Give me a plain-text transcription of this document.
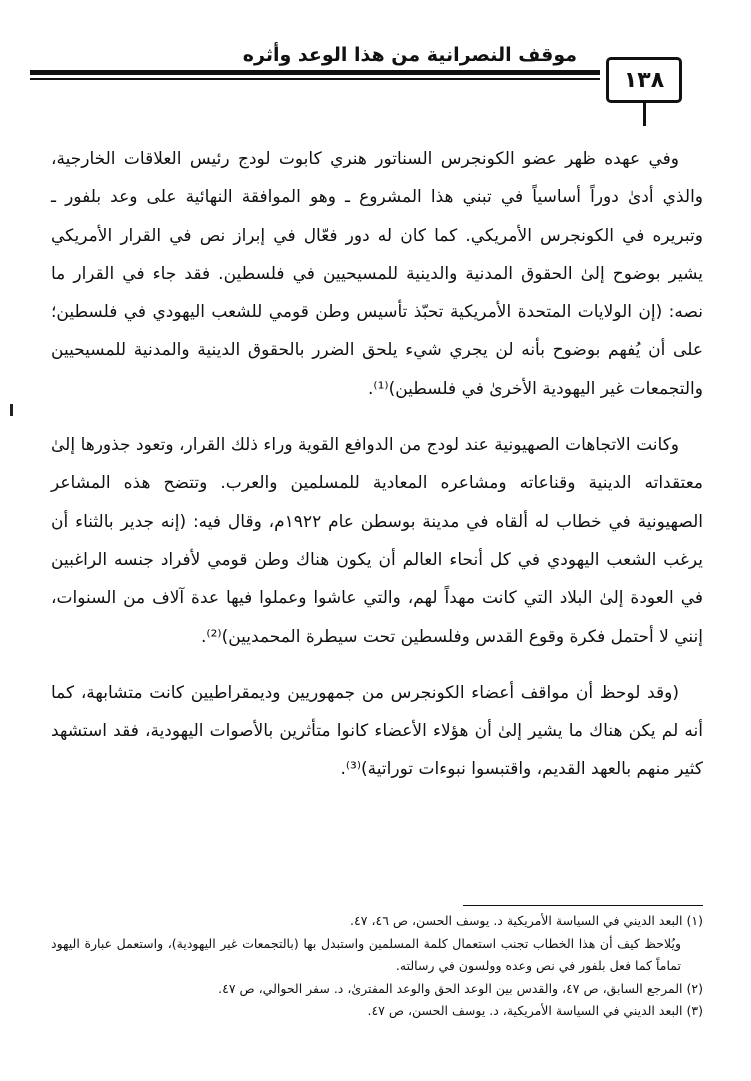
موقف النصرانية من هذا الوعد وأثره
١٣٨

وفي عهده ظهر عضو الكونجرس السناتور هنري كابوت لودج رئيس العلاقات الخارجية، والذي أدىٰ دوراً أساسياً في تبني هذا المشروع ـ وهو الموافقة النهائية على وعد بلفور ـ وتبريره في الكونجرس الأمريكي. كما كان له دور فعّال في إبراز نص في القرار الأمريكي يشير بوضوح إلىٰ الحقوق المدنية والدينية للمسيحيين في فلسطين. فقد جاء في القرار ما نصه: (إن الولايات المتحدة الأمريكية تحبّذ تأسيس وطن قومي للشعب اليهودي في فلسطين؛ على أن يُفهم بوضوح بأنه لن يجري شيء يلحق الضرر بالحقوق الدينية والمدنية للمسيحيين والتجمعات غير اليهودية الأخرىٰ في فلسطين)⁽¹⁾.

وكانت الاتجاهات الصهيونية عند لودج من الدوافع القوية وراء ذلك القرار، وتعود جذورها إلىٰ معتقداته الدينية وقناعاته ومشاعره المعادية للمسلمين والعرب. وتتضح هذه المشاعر الصهيونية في خطاب له ألقاه في مدينة بوسطن عام ١٩٢٢م، وقال فيه: (إنه جدير بالثناء أن يرغب الشعب اليهودي في كل أنحاء العالم أن يكون هناك وطن قومي لأفراد جنسه الراغبين في العودة إلىٰ البلاد التي كانت مهداً لهم، والتي عاشوا وعملوا فيها عدة آلاف من السنوات، إنني لا أحتمل فكرة وقوع القدس وفلسطين تحت سيطرة المحمديين)⁽²⁾.

(وقد لوحظ أن مواقف أعضاء الكونجرس من جمهوريين وديمقراطيين كانت متشابهة، كما أنه لم يكن هناك ما يشير إلىٰ أن هؤلاء الأعضاء كانوا متأثرين بالأصوات اليهودية، فقد استشهد كثير منهم بالعهد القديم، واقتبسوا نبوءات توراتية)⁽³⁾.

(١) البعد الديني في السياسة الأمريكية د. يوسف الحسن، ص ٤٦، ٤٧.

ويُلاحظ كيف أن هذا الخطاب تجنب استعمال كلمة المسلمين واستبدل بها (بالتجمعات غير اليهودية)، واستعمل عبارة اليهود تماماً كما فعل بلفور في نص وعده وولسون في رسالته.

(٢) المرجع السابق، ص ٤٧، والقدس بين الوعد الحق والوعد المفترىٰ، د. سفر الحوالي، ص ٤٧.

(٣) البعد الديني في السياسة الأمريكية، د. يوسف الحسن، ص ٤٧.
